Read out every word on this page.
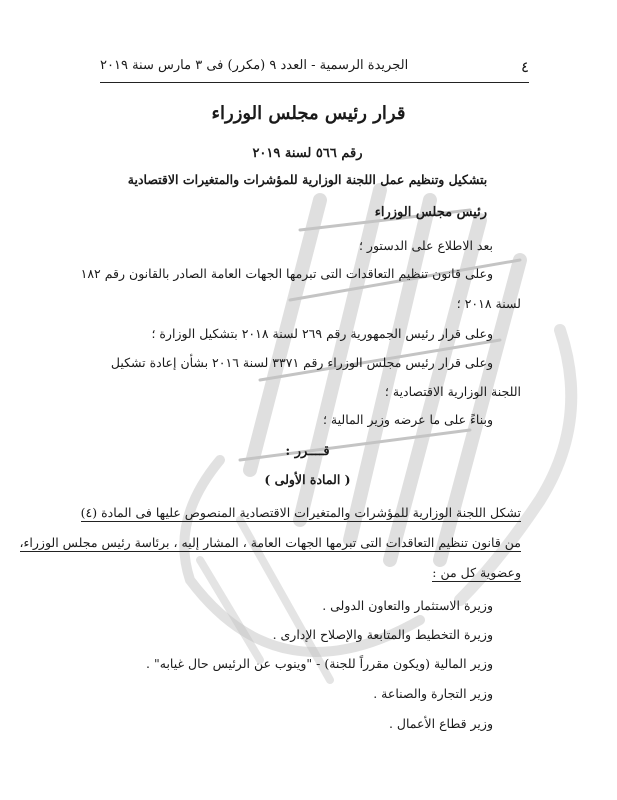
٤
الجريدة الرسمية - العدد ٩ (مكرر) فى ٣ مارس سنة ٢٠١٩
قرار رئيس مجلس الوزراء
رقم ٥٦٦ لسنة ٢٠١٩
بتشكيل وتنظيم عمل اللجنة الوزارية للمؤشرات والمتغيرات الاقتصادية
رئيس مجلس الوزراء
بعد الاطلاع على الدستور ؛
وعلى قانون تنظيم التعاقدات التى تبرمها الجهات العامة الصادر بالقانون رقم ١٨٢
لسنة ٢٠١٨ ؛
وعلى قرار رئيس الجمهورية رقم ٢٦٩ لسنة ٢٠١٨ بتشكيل الوزارة ؛
وعلى قرار رئيس مجلس الوزراء رقم ٣٣٧١ لسنة ٢٠١٦ بشأن إعادة تشكيل
اللجنة الوزارية الاقتصادية ؛
وبناءً على ما عرضه وزير المالية ؛
قــــرر :
( المادة الأولى )
تشكل اللجنة الوزارية للمؤشرات والمتغيرات الاقتصادية المنصوص عليها فى المادة (٤)
من قانون تنظيم التعاقدات التى تبرمها الجهات العامة ، المشار إليه ، برئاسة رئيس مجلس الوزراء،
وعضوية كل من :
وزيرة الاستثمار والتعاون الدولى .
وزيرة التخطيط والمتابعة والإصلاح الإدارى .
وزير المالية (ويكون مقرراً للجنة) - "وينوب عن الرئيس حال غيابه" .
وزير التجارة والصناعة .
وزير قطاع الأعمال .
